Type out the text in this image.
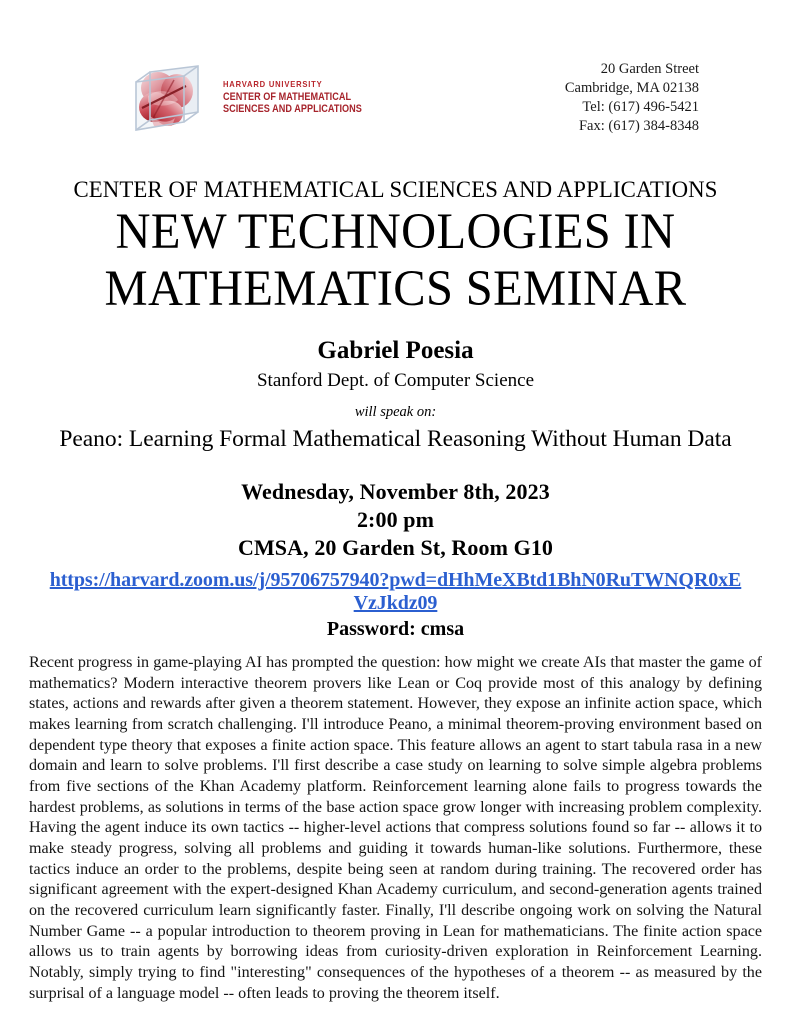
HARVARD UNIVERSITY
CENTER OF MATHEMATICAL
SCIENCES AND APPLICATIONS
20 Garden Street
Cambridge, MA 02138
Tel: (617) 496-5421
Fax: (617) 384-8348
CENTER OF MATHEMATICAL SCIENCES AND APPLICATIONS
NEW TECHNOLOGIES IN
MATHEMATICS SEMINAR
Gabriel Poesia
Stanford Dept. of Computer Science
will speak on:
Peano: Learning Formal Mathematical Reasoning Without Human Data
Wednesday, November 8th, 2023
2:00 pm
CMSA, 20 Garden St, Room G10
https://harvard.zoom.us/j/95706757940?pwd=dHhMeXBtd1BhN0RuTWNQR0xEVzJkdz09
Password: cmsa
Recent progress in game-playing AI has prompted the question: how might we create AIs that master the game of mathematics? Modern interactive theorem provers like Lean or Coq provide most of this analogy by defining states, actions and rewards after given a theorem statement. However, they expose an infinite action space, which makes learning from scratch challenging. I'll introduce Peano, a minimal theorem-proving environment based on dependent type theory that exposes a finite action space. This feature allows an agent to start tabula rasa in a new domain and learn to solve problems. I'll first describe a case study on learning to solve simple algebra problems from five sections of the Khan Academy platform. Reinforcement learning alone fails to progress towards the hardest problems, as solutions in terms of the base action space grow longer with increasing problem complexity. Having the agent induce its own tactics -- higher-level actions that compress solutions found so far -- allows it to make steady progress, solving all problems and guiding it towards human-like solutions. Furthermore, these tactics induce an order to the problems, despite being seen at random during training. The recovered order has significant agreement with the expert-designed Khan Academy curriculum, and second-generation agents trained on the recovered curriculum learn significantly faster. Finally, I'll describe ongoing work on solving the Natural Number Game -- a popular introduction to theorem proving in Lean for mathematicians. The finite action space allows us to train agents by borrowing ideas from curiosity-driven exploration in Reinforcement Learning. Notably, simply trying to find "interesting" consequences of the hypotheses of a theorem -- as measured by the surprisal of a language model -- often leads to proving the theorem itself.
